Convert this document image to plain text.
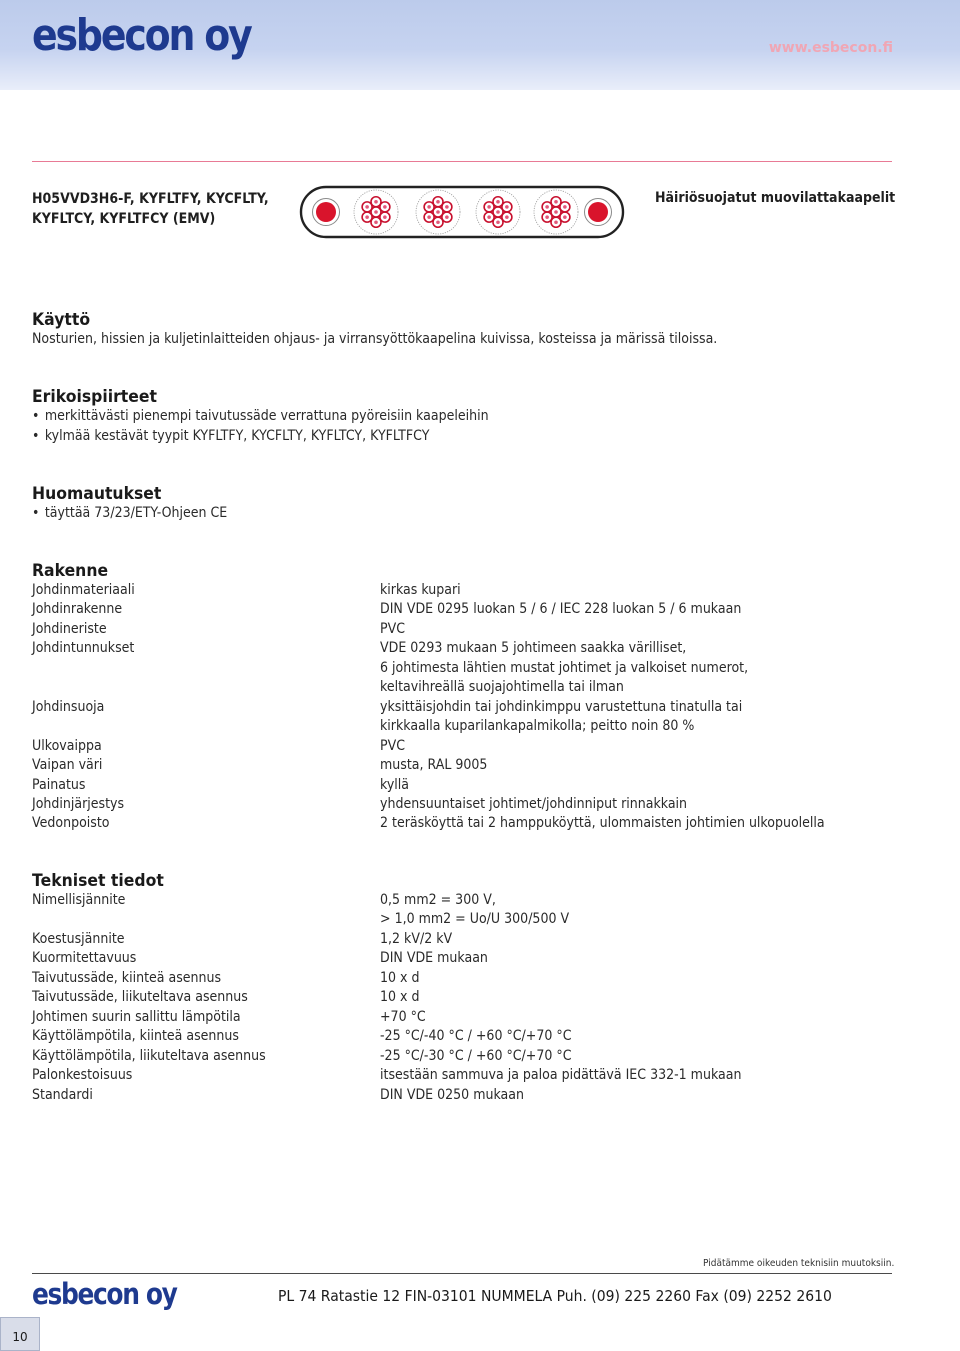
esbecon oy	www.esbecon.fi
H05VVD3H6-F, KYFLTFY, KYCFLTY,
KYFLTCY, KYFLTFCY (EMV)
Häiriösuojatut muovilattakaapelit
Käyttö
Nosturien, hissien ja kuljetinlaitteiden ohjaus- ja virransyöttökaapelina kuivissa, kosteissa ja märissä tiloissa.
Erikoispiirteet
• merkittävästi pienempi taivutussäde verrattuna pyöreisiin kaapeleihin
• kylmää kestävät tyypit KYFLTFY, KYCFLTY, KYFLTCY, KYFLTFCY
Huomautukset
• täyttää 73/23/ETY-Ohjeen CE
Rakenne
Johdinmateriaali	kirkas kupari
Johdinrakenne	DIN VDE 0295 luokan 5 / 6 / IEC 228 luokan 5 / 6 mukaan
Johdineriste	PVC
Johdintunnukset	VDE 0293 mukaan 5 johtimeen saakka värilliset,
6 johtimesta lähtien mustat johtimet ja valkoiset numerot,
keltavihreällä suojajohtimella tai ilman
Johdinsuoja	yksittäisjohdin tai johdinkimppu varustettuna tinatulla tai
kirkkaalla kuparilankapalmikolla; peitto noin 80 %
Ulkovaippa	PVC
Vaipan väri	musta, RAL 9005
Painatus	kyllä
Johdinjärjestys	yhdensuuntaiset johtimet/johdinniput rinnakkain
Vedonpoisto	2 teräsköyttä tai 2 hamppuköyttä, ulommaisten johtimien ulkopuolella
Tekniset tiedot
Nimellisjännite	0,5 mm2 = 300 V,
> 1,0 mm2 = Uo/U 300/500 V
Koestusjännite	1,2 kV/2 kV
Kuormitettavuus	DIN VDE mukaan
Taivutussäde, kiinteä asennus	10 x d
Taivutussäde, liikuteltava asennus	10 x d
Johtimen suurin sallittu lämpötila	+70 °C
Käyttölämpötila, kiinteä asennus	-25 °C/-40 °C / +60 °C/+70 °C
Käyttölämpötila, liikuteltava asennus	-25 °C/-30 °C / +60 °C/+70 °C
Palonkestoisuus	itsestään sammuva ja paloa pidättävä IEC 332-1 mukaan
Standardi	DIN VDE 0250 mukaan
Pidätämme oikeuden teknisiin muutoksiin.
esbecon oy	PL 74 Ratastie 12 FIN-03101 NUMMELA Puh. (09) 225 2260 Fax (09) 2252 2610
10
